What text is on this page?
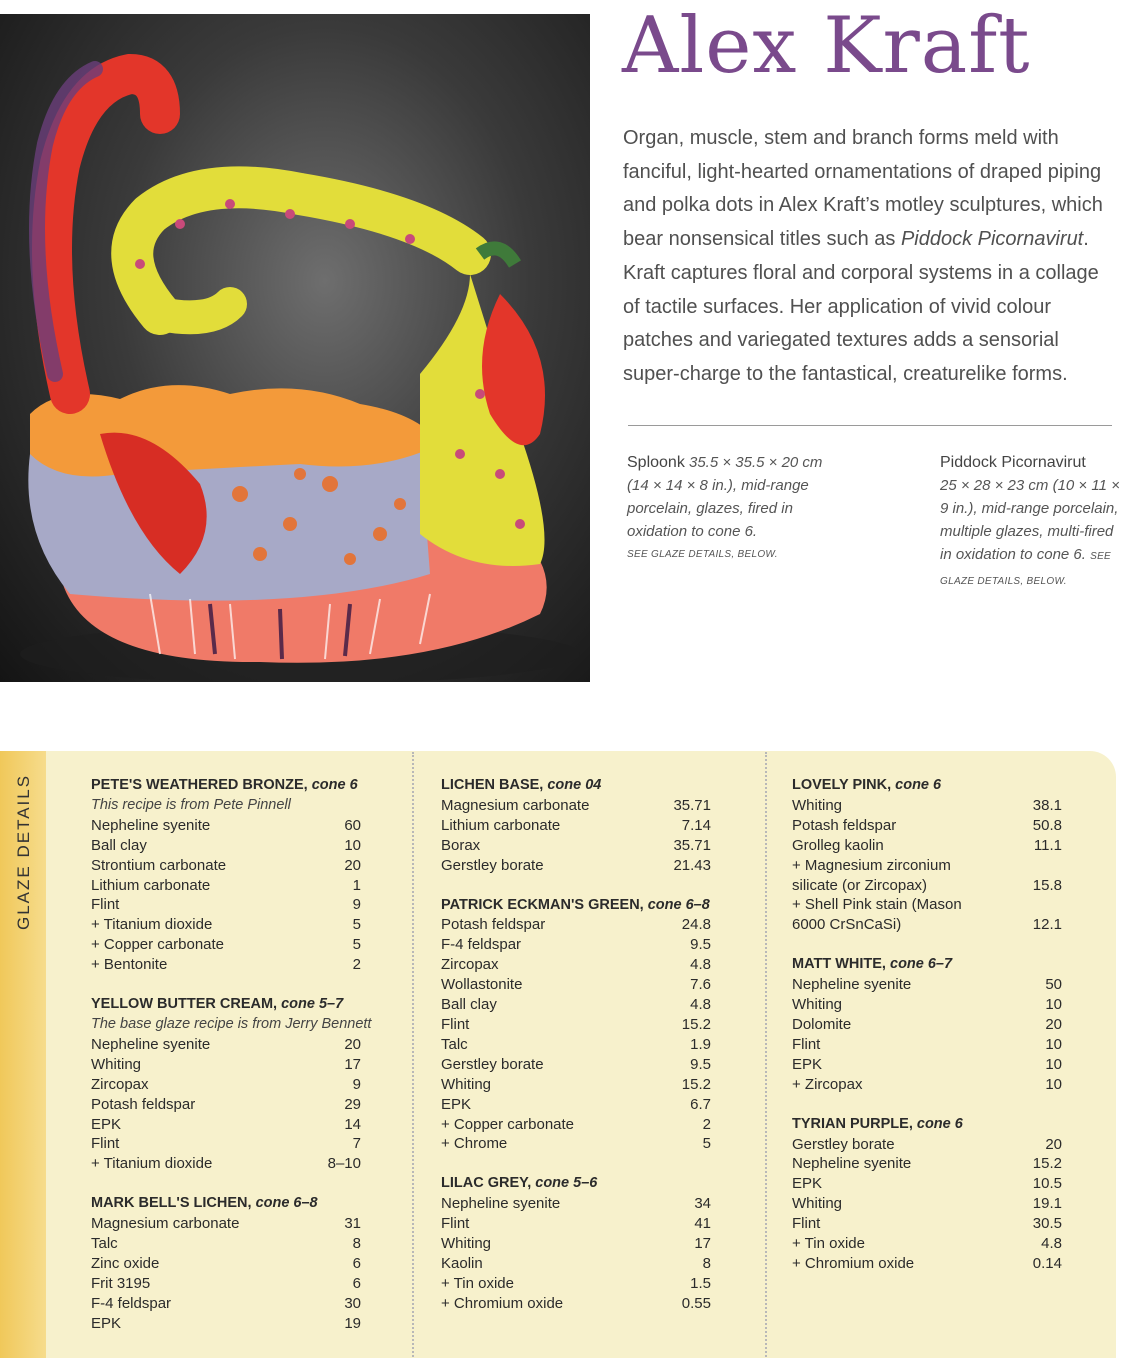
Alex Kraft

Organ, muscle, stem and branch forms meld with fanciful, light-hearted ornamentations of draped piping and polka dots in Alex Kraft’s motley sculptures, which bear nonsensical titles such as Piddock Picornavirut. Kraft captures floral and corporal systems in a collage of tactile surfaces. Her application of vivid colour patches and variegated textures adds a sensorial super-charge to the fantastical, creaturelike forms.

Sploonk 35.5 × 35.5 × 20 cm (14 × 14 × 8 in.), mid-range porcelain, glazes, fired in oxidation to cone 6.
SEE GLAZE DETAILS, BELOW.
Piddock Picornavirut
25 × 28 × 23 cm (10 × 11 × 9 in.), mid-range porcelain, multiple glazes, multi-fired in oxidation to cone 6. SEE GLAZE DETAILS, BELOW.
GLAZE DETAILS	PETE'S WEATHERED BRONZE, cone 6
This recipe is from Pete Pinnell
Nepheline syenite	60
Ball clay	10
Strontium carbonate	20
Lithium carbonate	1
Flint	9
+ Titanium dioxide	5
+ Copper carbonate	5
+ Bentonite	2
YELLOW BUTTER CREAM, cone 5–7
The base glaze recipe is from Jerry Bennett
Nepheline syenite	20
Whiting	17
Zircopax	9
Potash feldspar	29
EPK	14
Flint	7
+ Titanium dioxide	8–10
MARK BELL'S LICHEN, cone 6–8
Magnesium carbonate	31
Talc	8
Zinc oxide	6
Frit 3195	6
F-4 feldspar	30
EPK	19
LICHEN BASE, cone 04
Magnesium carbonate	35.71
Lithium carbonate	7.14
Borax	35.71
Gerstley borate	21.43
PATRICK ECKMAN'S GREEN, cone 6–8
Potash feldspar	24.8
F-4 feldspar	9.5
Zircopax	4.8
Wollastonite	7.6
Ball clay	4.8
Flint	15.2
Talc	1.9
Gerstley borate	9.5
Whiting	15.2
EPK	6.7
+ Copper carbonate	2
+ Chrome	5
LILAC GREY, cone 5–6
Nepheline syenite	34
Flint	41
Whiting	17
Kaolin	8
+ Tin oxide	1.5
+ Chromium oxide	0.55
LOVELY PINK, cone 6
Whiting	38.1
Potash feldspar	50.8
Grolleg kaolin	11.1
+ Magnesium zirconium
silicate (or Zircopax)	15.8
+ Shell Pink stain (Mason
6000 CrSnCaSi)	12.1
MATT WHITE, cone 6–7
Nepheline syenite	50
Whiting	10
Dolomite	20
Flint	10
EPK	10
+ Zircopax	10
TYRIAN PURPLE, cone 6
Gerstley borate	20
Nepheline syenite	15.2
EPK	10.5
Whiting	19.1
Flint	30.5
+ Tin oxide	4.8
+ Chromium oxide	0.14
